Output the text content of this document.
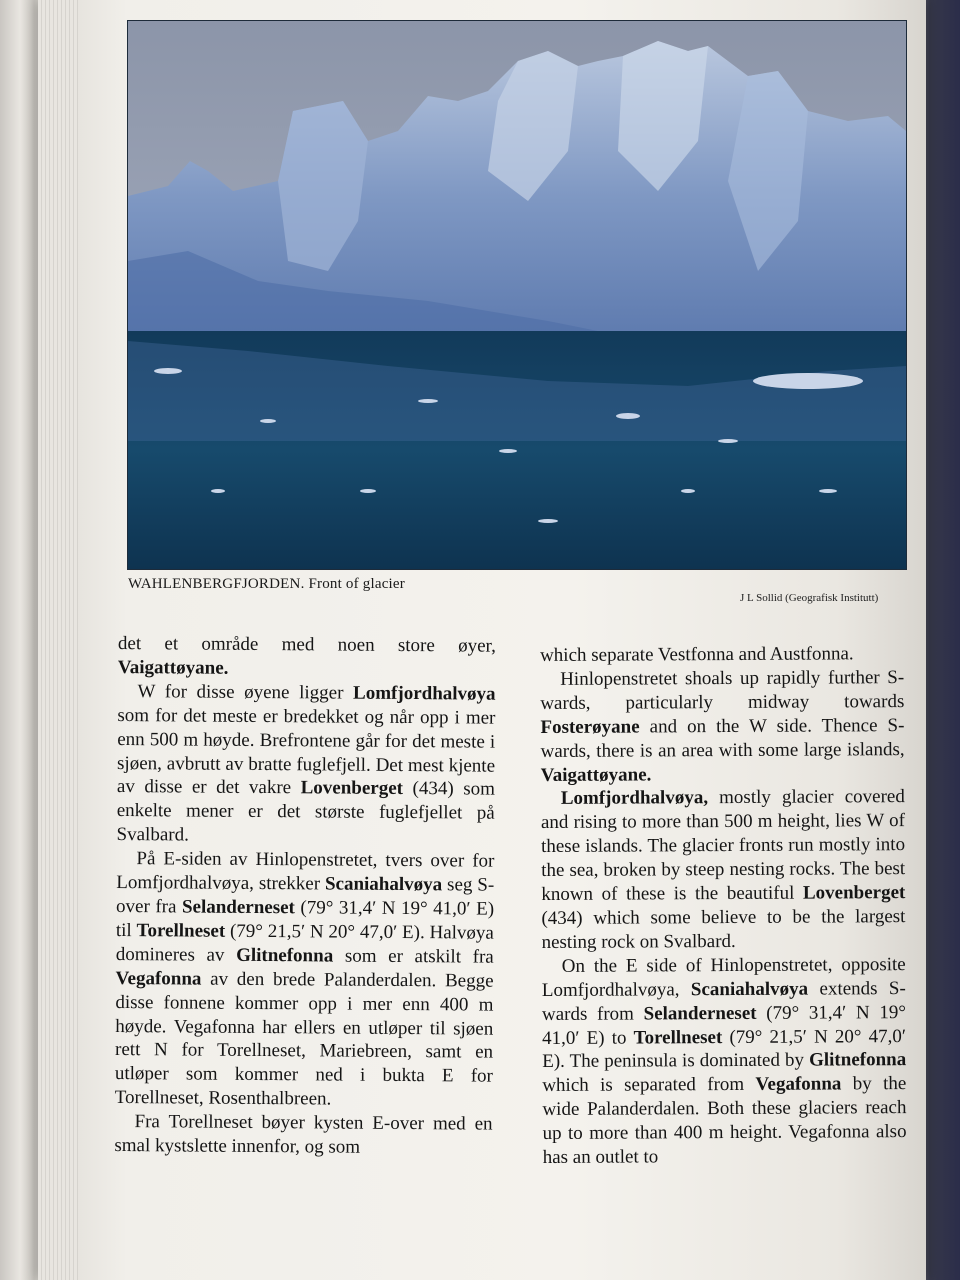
WAHLENBERGFJORDEN. Front of glacier
J L Sollid (Geografisk Institutt)

det et område med noen store øyer, Vaigattøyane.

W for disse øyene ligger Lomfjordhalvøya som for det meste er bredekket og når opp i mer enn 500 m høyde. Brefrontene går for det meste i sjøen, avbrutt av bratte fuglefjell. Det mest kjente av disse er det vakre Lovenberget (434) som enkelte mener er det største fuglefjellet på Svalbard.

På E-siden av Hinlopenstretet, tvers over for Lomfjordhalvøya, strekker Scaniahalvøya seg S-over fra Selanderneset (79° 31,4′ N 19° 41,0′ E) til Torellneset (79° 21,5′ N 20° 47,0′ E). Halvøya domineres av Glitnefonna som er atskilt fra Vegafonna av den brede Palanderdalen. Begge disse fonnene kommer opp i mer enn 400 m høyde. Vegafonna har ellers en utløper til sjøen rett N for Torellneset, Mariebreen, samt en utløper som kommer ned i bukta E for Torellneset, Rosenthalbreen.

Fra Torellneset bøyer kysten E-over med en smal kystslette innenfor, og som

which separate Vestfonna and Austfonna.

Hinlopenstretet shoals up rapidly further S-wards, particularly midway towards Fosterøyane and on the W side. Thence S-wards, there is an area with some large islands, Vaigattøyane.

Lomfjordhalvøya, mostly glacier covered and rising to more than 500 m height, lies W of these islands. The glacier fronts run mostly into the sea, broken by steep nesting rocks. The best known of these is the beautiful Lovenberget (434) which some believe to be the largest nesting rock on Svalbard.

On the E side of Hinlopenstretet, opposite Lomfjordhalvøya, Scaniahalvøya extends S-wards from Selanderneset (79° 31,4′ N 19° 41,0′ E) to Torellneset (79° 21,5′ N 20° 47,0′ E). The peninsula is dominated by Glitnefonna which is separated from Vegafonna by the wide Palanderdalen. Both these glaciers reach up to more than 400 m height. Vegafonna also has an outlet to
